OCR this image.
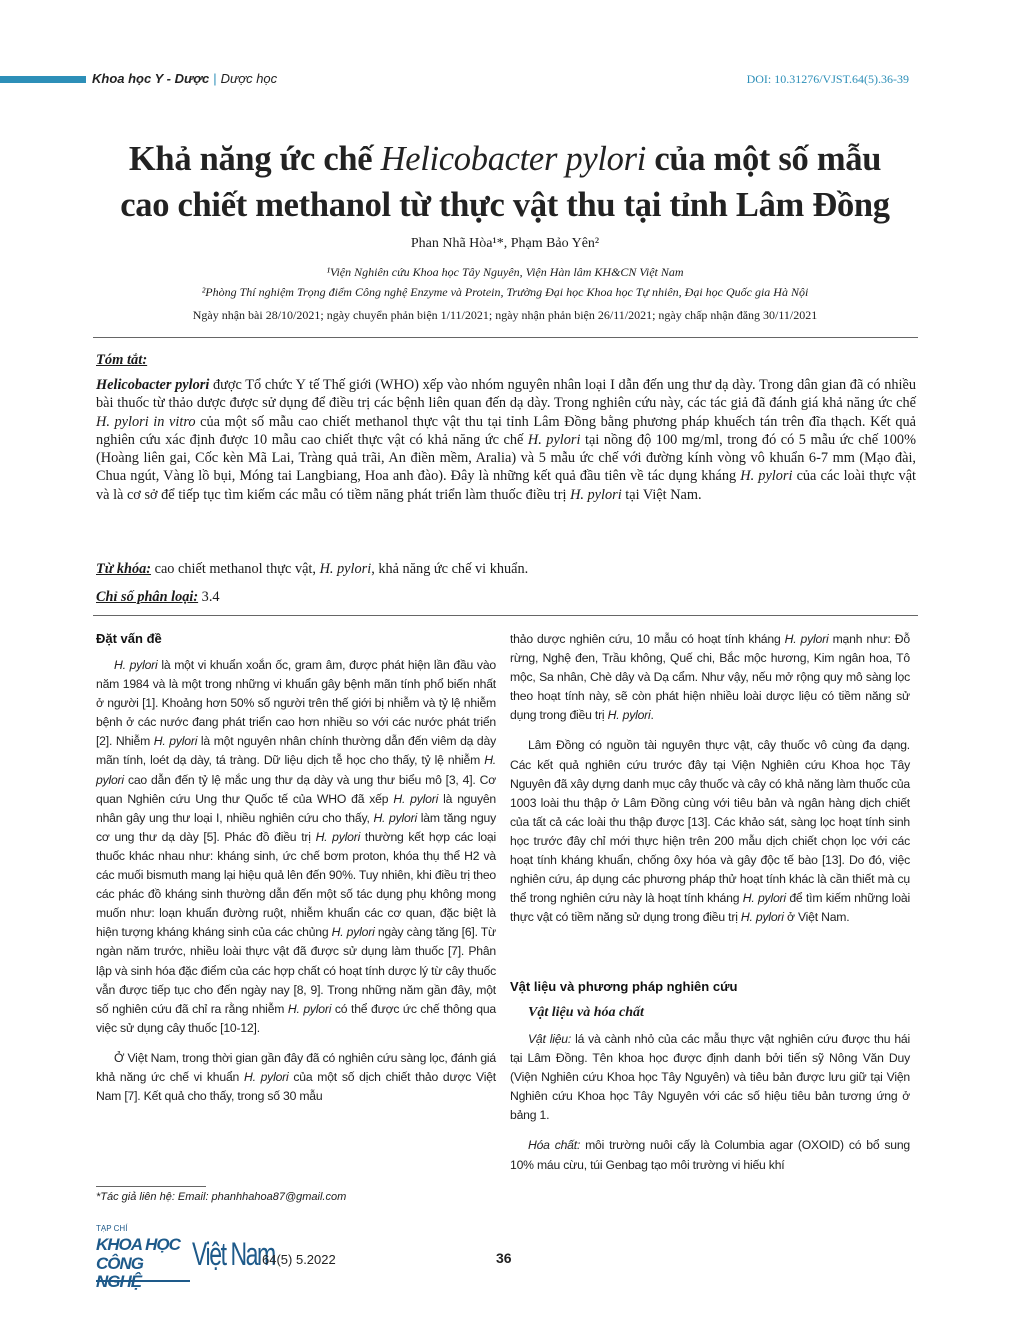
Khoa học Y - Dược | Dược học	DOI: 10.31276/VJST.64(5).36-39
Khả năng ức chế Helicobacter pylori của một số mẫu
cao chiết methanol từ thực vật thu tại tỉnh Lâm Đồng
Phan Nhã Hòa¹*, Phạm Bảo Yên²
¹Viện Nghiên cứu Khoa học Tây Nguyên, Viện Hàn lâm KH&CN Việt Nam
²Phòng Thí nghiệm Trọng điểm Công nghệ Enzyme và Protein, Trường Đại học Khoa học Tự nhiên, Đại học Quốc gia Hà Nội
Ngày nhận bài 28/10/2021; ngày chuyển phản biện 1/11/2021; ngày nhận phản biện 26/11/2021; ngày chấp nhận đăng 30/11/2021
Tóm tắt:
Helicobacter pylori được Tổ chức Y tế Thế giới (WHO) xếp vào nhóm nguyên nhân loại I dẫn đến ung thư dạ dày. Trong dân gian đã có nhiều bài thuốc từ thảo dược được sử dụng để điều trị các bệnh liên quan đến dạ dày. Trong nghiên cứu này, các tác giả đã đánh giá khả năng ức chế H. pylori in vitro của một số mẫu cao chiết methanol thực vật thu tại tỉnh Lâm Đồng bằng phương pháp khuếch tán trên đĩa thạch. Kết quả nghiên cứu xác định được 10 mẫu cao chiết thực vật có khả năng ức chế H. pylori tại nồng độ 100 mg/ml, trong đó có 5 mẫu ức chế 100% (Hoàng liên gai, Cốc kèn Mã Lai, Tràng quả trãi, An điền mềm, Aralia) và 5 mẫu ức chế với đường kính vòng vô khuẩn 6-7 mm (Mạo đài, Chua ngút, Vàng lồ bụi, Móng tai Langbiang, Hoa anh đào). Đây là những kết quả đầu tiên về tác dụng kháng H. pylori của các loài thực vật và là cơ sở để tiếp tục tìm kiếm các mẫu có tiềm năng phát triển làm thuốc điều trị H. pylori tại Việt Nam.
Từ khóa: cao chiết methanol thực vật, H. pylori, khả năng ức chế vi khuẩn.
Chỉ số phân loại: 3.4
Đặt vấn đề

H. pylori là một vi khuẩn xoắn ốc, gram âm, được phát hiện lần đầu vào năm 1984 và là một trong những vi khuẩn gây bệnh mãn tính phổ biến nhất ở người [1]. Khoảng hơn 50% số người trên thế giới bị nhiễm và tỷ lệ nhiễm bệnh ở các nước đang phát triển cao hơn nhiều so với các nước phát triển [2]. Nhiễm H. pylori là một nguyên nhân chính thường dẫn đến viêm dạ dày mãn tính, loét dạ dày, tá tràng. Dữ liệu dịch tễ học cho thấy, tỷ lệ nhiễm H. pylori cao dẫn đến tỷ lệ mắc ung thư dạ dày và ung thư biểu mô [3, 4]. Cơ quan Nghiên cứu Ung thư Quốc tế của WHO đã xếp H. pylori là nguyên nhân gây ung thư loại I, nhiều nghiên cứu cho thấy, H. pylori làm tăng nguy cơ ung thư dạ dày [5]. Phác đồ điều trị H. pylori thường kết hợp các loại thuốc khác nhau như: kháng sinh, ức chế bơm proton, khóa thụ thể H2 và các muối bismuth mang lại hiệu quả lên đến 90%. Tuy nhiên, khi điều trị theo các phác đồ kháng sinh thường dẫn đến một số tác dụng phụ không mong muốn như: loạn khuẩn đường ruột, nhiễm khuẩn các cơ quan, đặc biệt là hiện tượng kháng kháng sinh của các chủng H. pylori ngày càng tăng [6]. Từ ngàn năm trước, nhiều loài thực vật đã được sử dụng làm thuốc [7]. Phân lập và sinh hóa đặc điểm của các hợp chất có hoạt tính dược lý từ cây thuốc vẫn được tiếp tục cho đến ngày nay [8, 9]. Trong những năm gần đây, một số nghiên cứu đã chỉ ra rằng nhiễm H. pylori có thể được ức chế thông qua việc sử dụng cây thuốc [10-12].

Ở Việt Nam, trong thời gian gần đây đã có nghiên cứu sàng lọc, đánh giá khả năng ức chế vi khuẩn H. pylori của một số dịch chiết thảo dược Việt Nam [7]. Kết quả cho thấy, trong số 30 mẫu

thảo dược nghiên cứu, 10 mẫu có hoạt tính kháng H. pylori mạnh như: Đỗ rừng, Nghệ đen, Trầu không, Quế chi, Bắc mộc hương, Kim ngân hoa, Tô mộc, Sa nhân, Chè dây và Dạ cẩm. Như vậy, nếu mở rộng quy mô sàng lọc theo hoạt tính này, sẽ còn phát hiện nhiều loài dược liệu có tiềm năng sử dụng trong điều trị H. pylori.

Lâm Đồng có nguồn tài nguyên thực vật, cây thuốc vô cùng đa dạng. Các kết quả nghiên cứu trước đây tại Viện Nghiên cứu Khoa học Tây Nguyên đã xây dựng danh mục cây thuốc và cây có khả năng làm thuốc của 1003 loài thu thập ở Lâm Đồng cùng với tiêu bản và ngân hàng dịch chiết của tất cả các loài thu thập được [13]. Các khảo sát, sàng lọc hoạt tính sinh học trước đây chỉ mới thực hiện trên 200 mẫu dịch chiết chọn lọc với các hoạt tính kháng khuẩn, chống ôxy hóa và gây độc tế bào [13]. Do đó, việc nghiên cứu, áp dụng các phương pháp thử hoạt tính khác là cần thiết mà cụ thể trong nghiên cứu này là hoạt tính kháng H. pylori để tìm kiếm những loài thực vật có tiềm năng sử dụng trong điều trị H. pylori ở Việt Nam.

Vật liệu và phương pháp nghiên cứu
Vật liệu và hóa chất

Vật liệu: lá và cành nhỏ của các mẫu thực vật nghiên cứu được thu hái tại Lâm Đồng. Tên khoa học được định danh bởi tiến sỹ Nông Văn Duy (Viện Nghiên cứu Khoa học Tây Nguyên) và tiêu bản được lưu giữ tại Viện Nghiên cứu Khoa học Tây Nguyên với các số hiệu tiêu bản tương ứng ở bảng 1.

Hóa chất: môi trường nuôi cấy là Columbia agar (OXOID) có bổ sung 10% máu cừu, túi Genbag tạo môi trường vi hiếu khí

*Tác giả liên hệ: Email: phanhhahoa87@gmail.com
TẠP CHÍ
KHOA HỌC
CÔNG NGHỆ
Việt Nam
64(5) 5.2022	36
